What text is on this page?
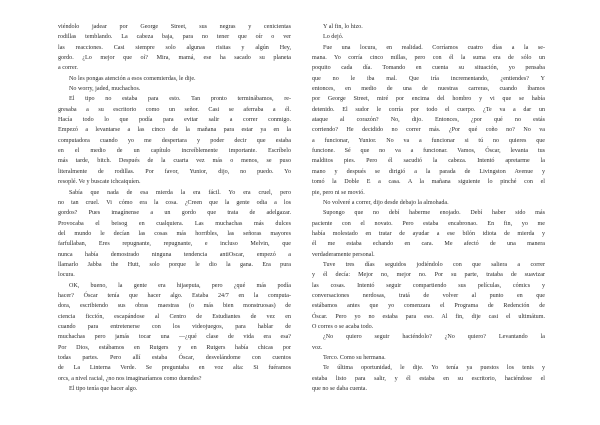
viéndolo jadear por George Street, sus negras y cenicientas
rodillas temblando. La cabeza baja, para no tener que oír o ver
las reacciones. Casi siempre solo algunas risitas y algún Hey,
gordo. ¿Lo mejor que oí? Mira, mamá, ese ha sacado su planeta
a correr.
No les pongas atención a esos comemierdas, le dije.
No worry, jaded, muchachos.
El tipo no estaba para esto. Tan pronto terminábamos, re-
gresaba a su escritorio como un señor. Casi se aferraba a él.
Hacía todo lo que podía para evitar salir a correr conmigo.
Empezó a levantarse a las cinco de la mañana para estar ya en la
computadora cuando yo me despertara y poder decir que estaba
en el medio de un capítulo increíblemente importante. Escríbelo
más tarde, bitch. Después de la cuarta vez más o menos, se puso
literalmente de rodillas. Por favor, Yunior, dijo, no puedo. Yo
resoplé. Ve y buscate ichcaiquíen.
Sabía que nada de esa mierda la era fácil. Yo era cruel, pero
no tan cruel. Vi cómo era la cosa. ¿Creen que la gente odia a los
gordos? Pues imagínense a un gordo que trata de adelgazar.
Provocaba el beisog en cualquiera. Las muchachas más dulces
del mundo le decían las cosas más horribles, las señoras mayores
farfullaban, Eres repugnante, repugnante, e incluso Melvin, que
nunca había demostrado ninguna tendencia antiOscar, empezó a
llamarlo Jabba the Hutt, solo porque le dio la gana. Era pura
locura.
OK, bueno, la gente era hijaeputa, pero ¿qué más podía
hacer? Óscar tenía que hacer algo. Estaba 24/7 en la computa-
dora, escribiendo sus obras maestras (o más bien monstruosas) de
ciencia ficción, escapándose al Centro de Estudiantes de vez en
cuando para entretenerse con los videojuegos, para hablar de
muchachas pero jamás tocar una —¿qué clase de vida era esa?
Por Dios, estábamos en Rutgers y en Rutgers había chicas por
todas partes. Pero allí estaba Óscar, desvelándome con cuentos
de La Linterna Verde. Se preguntaba en voz alta: Si fuéramos
orcs, a nivel racial, ¿no nos imaginaríamos como duendes?
El tipo tenía que hacer algo.
Y al fin, lo hizo.
Lo dejó.
Fue una locura, en realidad. Corríamos cuatro días a la se-
mana. Yo corría cinco millas, pero con él la suma era de sólo un
poquito cada día. Tomando en cuenta su situación, yo pensaba
que no le iba mal. Que iría incrementando, ¿entiendes? Y
entonces, en medio de una de nuestras carreras, cuando íbamos
por George Street, miré por encima del hombro y vi que se había
detenido. El sudor le corría por todo el cuerpo. ¿Te va a dar un
ataque al corazón? No, dijo. Entonces, ¿por qué no estás
corriendo? He decidido no correr más. ¿Por qué coño no? No va
a funcionar, Yunior. No va a funcionar si tú no quieres que
funcione. Sé que no va a funcionar. Vamos, Óscar, levanta tus
malditos pies. Pero él sacudió la cabeza. Intentó apretarme la
mano y después se dirigió a la parada de Livingston Avenue y
tomó la Doble E a casa. A la mañana siguiente lo pinché con el
pie, pero ni se movió.
No volveré a correr, dijo desde debajo la almohada.
Supongo que no debí haberme enojado. Debí haber sido más
paciente con el novato. Pero estaba encabronao. En fin, yo me
había molestado en tratar de ayudar a ese bilón idiota de mierda y
él me estaba echando en cara. Me afectó de una manera
verdaderamente personal.
Tuve tres días seguidos jodiéndolo con que saliera a correr
y él decía: Mejor no, mejor no. Por su parte, trataba de suavizar
las cosas. Intentó seguir compartiendo sus películas, cómics y
conversaciones nerdosas, tratá de volver al punto en que
estábamos antes que yo comenzara el Programa de Redención de
Óscar. Pero yo no estaba para eso. Al fin, dije casi el ultimátum.
O corres o se acaba todo.
¿No quiero seguir haciéndolo? ¿No quiero? Levantando la
voz.
Terco. Como su hermana.
Te última oportunidad, le dije. Yo tenía ya puestos los tenis y
estaba listo para salir, y él estaba en su escritorio, haciéndose el
que no se daba cuenta.
